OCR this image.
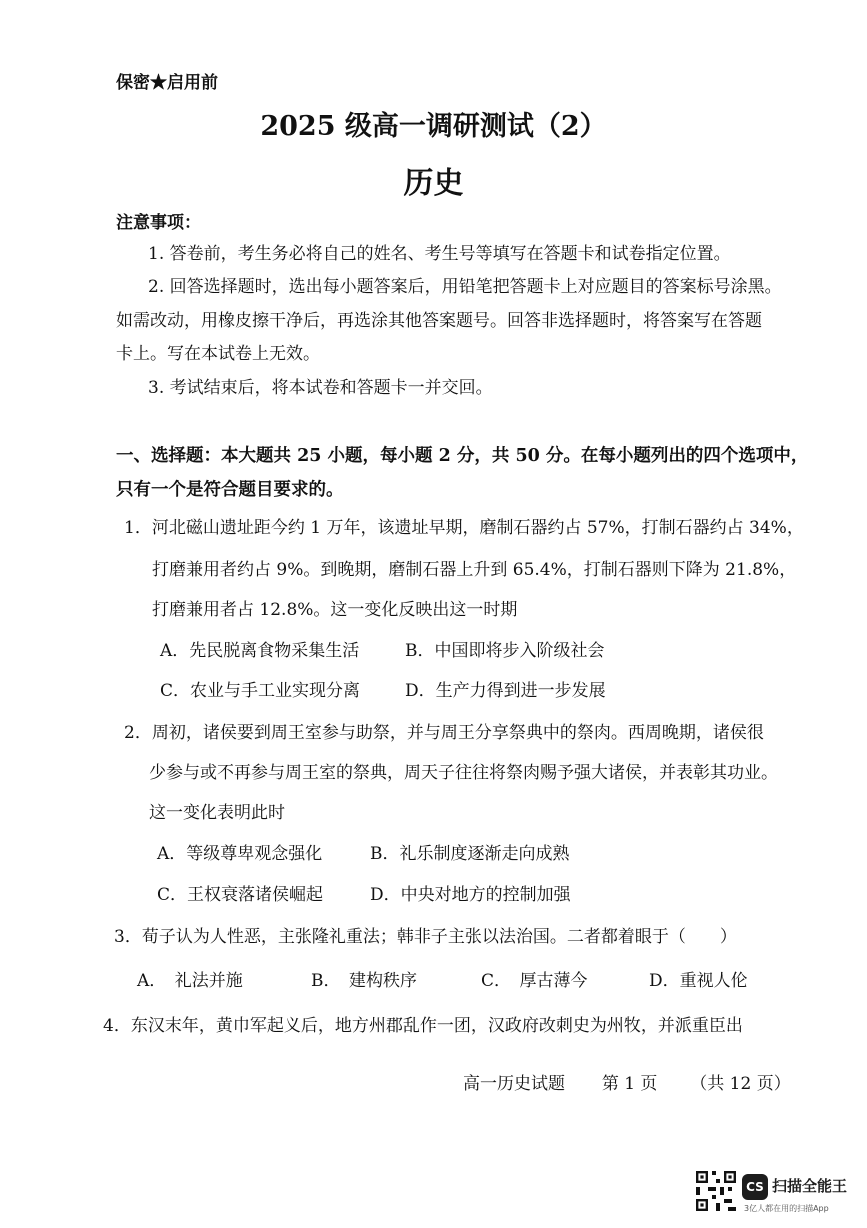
保密★启用前
2025 级高一调研测试（2）
历史
注意事项：
1. 答卷前，考生务必将自己的姓名、考生号等填写在答题卡和试卷指定位置。
2. 回答选择题时，选出每小题答案后，用铅笔把答题卡上对应题目的答案标号涂黑。
如需改动，用橡皮擦干净后，再选涂其他答案题号。回答非选择题时，将答案写在答题
卡上。写在本试卷上无效。
3. 考试结束后，将本试卷和答题卡一并交回。
一、选择题：本大题共 25 小题，每小题 2 分，共 50 分。在每小题列出的四个选项中，
只有一个是符合题目要求的。
1．河北磁山遗址距今约 1 万年，该遗址早期，磨制石器约占 57%，打制石器约占 34%，
打磨兼用者约占 9%。到晚期，磨制石器上升到 65.4%，打制石器则下降为 21.8%，
打磨兼用者占 12.8%。这一变化反映出这一时期
A．先民脱离食物采集生活	B．中国即将步入阶级社会
C．农业与手工业实现分离	D．生产力得到进一步发展
2．周初，诸侯要到周王室参与助祭，并与周王分享祭典中的祭肉。西周晚期，诸侯很
少参与或不再参与周王室的祭典，周天子往往将祭肉赐予强大诸侯，并表彰其功业。
这一变化表明此时
A．等级尊卑观念强化	B．礼乐制度逐渐走向成熟
C．王权衰落诸侯崛起	D．中央对地方的控制加强
3．荀子认为人性恶，主张隆礼重法；韩非子主张以法治国。二者都着眼于（　　）
A．　礼法并施	B．　建构秩序	C．　厚古薄今	D．重视人伦
4．东汉末年，黄巾军起义后，地方州郡乱作一团，汉政府改刺史为州牧，并派重臣出
高一历史试题 第 1 页 （共 12 页）
CS 扫描全能王
3亿人都在用的扫描App
